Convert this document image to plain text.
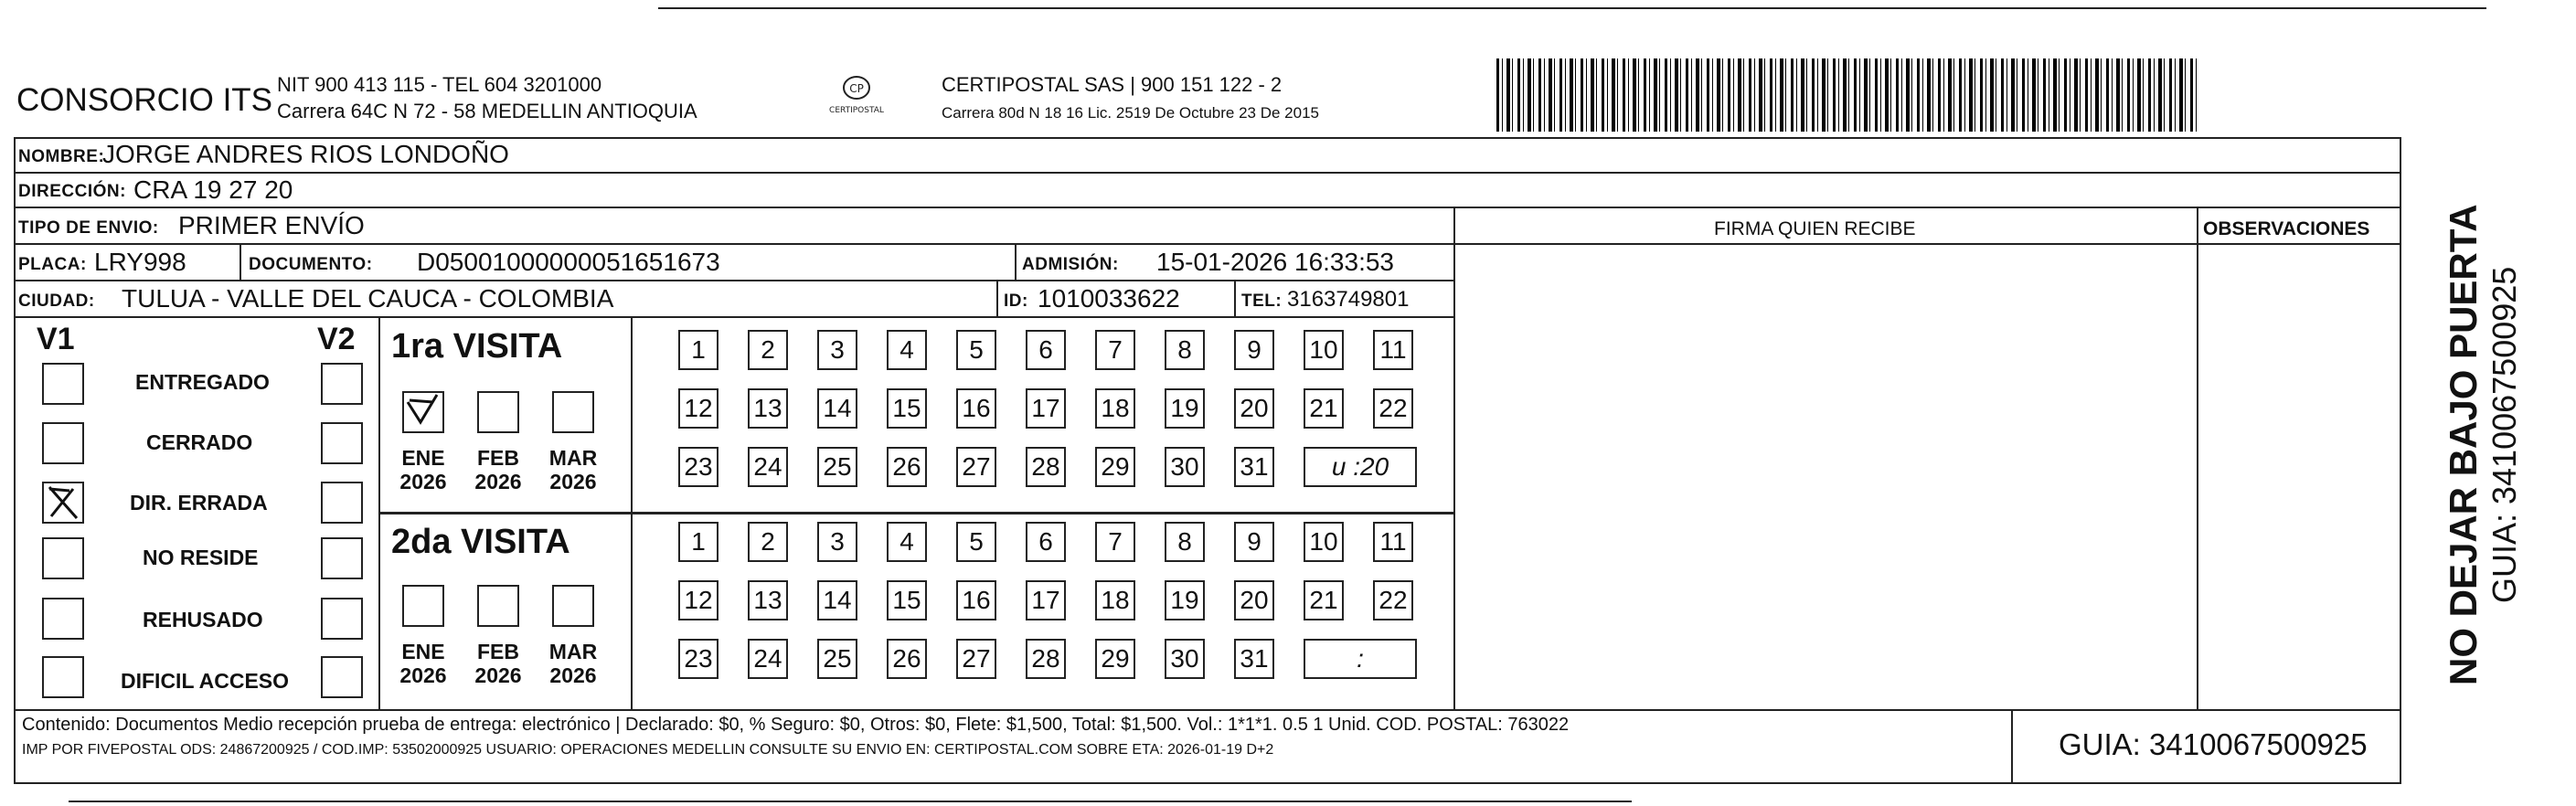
CONSORCIO ITS NIT 900 413 115 - TEL 604 3201000
Carrera 64C N 72 - 58 MEDELLIN ANTIOQUIA
CP
CERTIPOSTAL
CERTIPOSTAL SAS | 900 151 122 - 2
Carrera 80d N 18 16 Lic. 2519 De Octubre 23 De 2015
NOMBRE:
JORGE ANDRES RIOS LONDOÑO
DIRECCIÓN: CRA 19 27 20
TIPO DE ENVIO: PRIMER ENVÍO	FIRMA QUIEN RECIBE	OBSERVACIONES
PLACA: LRY998	DOCUMENTO: D05001000000051651673	ADMISIÓN: 15-01-2026 16:33:53
CIUDAD: TULUA - VALLE DEL CAUCA - COLOMBIA	ID: 1010033622	TEL: 3163749801
V1	V2
ENTREGADO
CERRADO
DIR. ERRADA
NO RESIDE
REHUSADO
DIFICIL ACCESO
1ra VISITA
ENE
2026
FEB
2026
MAR
2026
2da VISITA
ENE
2026
FEB
2026
MAR
2026
1	2	3	4	5	6	7	8	9	10 11
12 13 14 15 16 17 18 19 20 21 22
23 24 25 26 27 28 29 30 31	u :20
1	2	3	4	5	6	7	8	9	10 11
12 13 14 15 16 17 18 19 20 21 22
23 24 25 26 27 28 29 30 31	:
Contenido: Documentos Medio recepción prueba de entrega: electrónico | Declarado: $0, % Seguro: $0, Otros: $0, Flete: $1,500, Total: $1,500. Vol.: 1*1*1. 0.5 1 Unid. COD. POSTAL: 763022
IMP POR FIVEPOSTAL ODS: 24867200925 / COD.IMP: 53502000925 USUARIO: OPERACIONES MEDELLIN CONSULTE SU ENVIO EN: CERTIPOSTAL.COM SOBRE ETA: 2026-01-19 D+2	GUIA: 3410067500925
NO DEJAR BAJO PUERTA GUIA: 3410067500925
